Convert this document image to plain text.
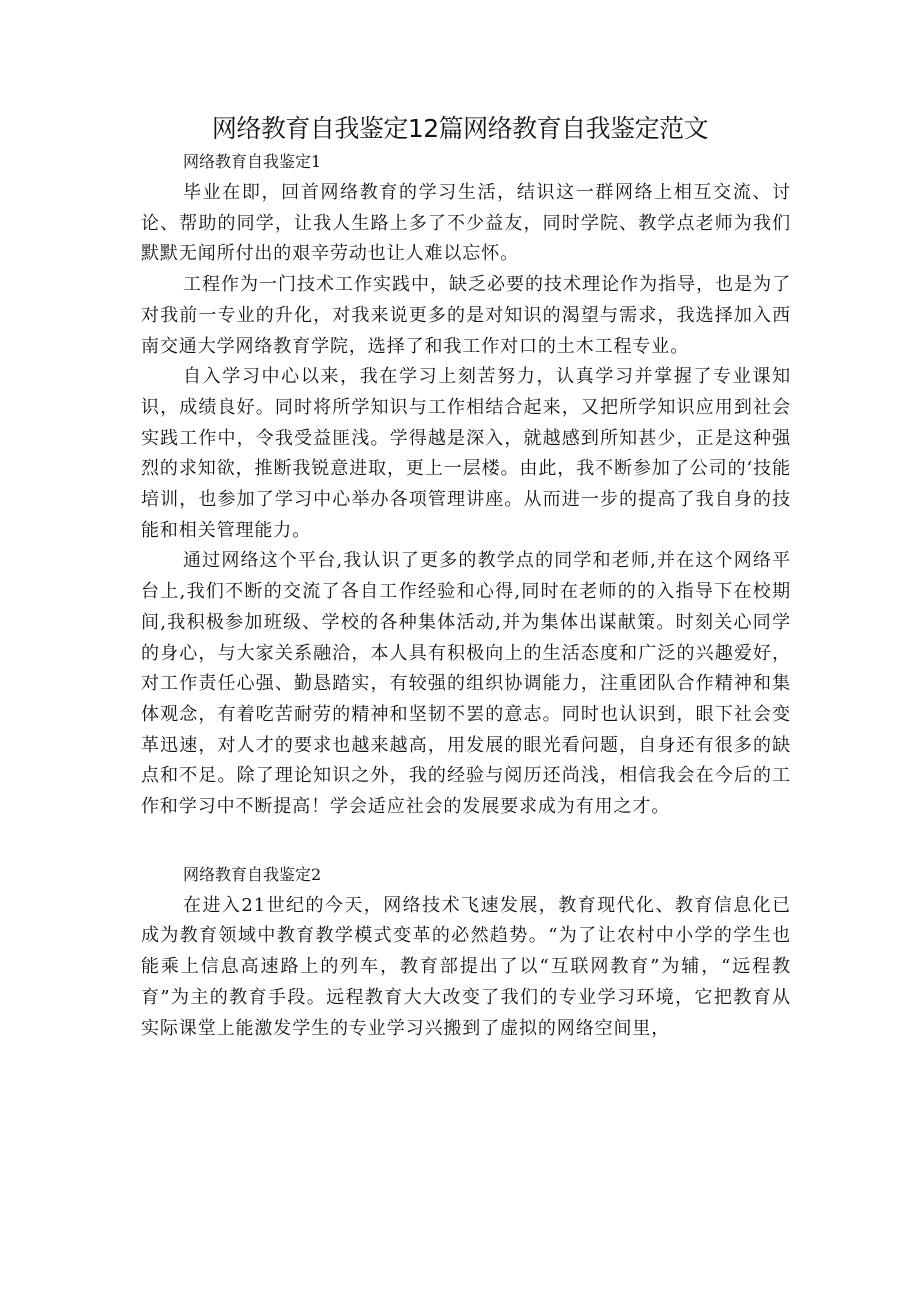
网络教育自我鉴定12篇网络教育自我鉴定范文
网络教育自我鉴定1

毕业在即，回首网络教育的学习生活，结识这一群网络上相互交流、讨论、帮助的同学，让我人生路上多了不少益友，同时学院、教学点老师为我们默默无闻所付出的艰辛劳动也让人难以忘怀。

工程作为一门技术工作实践中，缺乏必要的技术理论作为指导，也是为了对我前一专业的升化，对我来说更多的是对知识的渴望与需求，我选择加入西南交通大学网络教育学院，选择了和我工作对口的土木工程专业。

自入学习中心以来，我在学习上刻苦努力，认真学习并掌握了专业课知识，成绩良好。同时将所学知识与工作相结合起来，又把所学知识应用到社会实践工作中，令我受益匪浅。学得越是深入，就越感到所知甚少，正是这种强烈的求知欲，推断我锐意进取，更上一层楼。由此，我不断参加了公司的‘技能培训，也参加了学习中心举办各项管理讲座。从而进一步的提高了我自身的技能和相关管理能力。

通过网络这个平台,我认识了更多的教学点的同学和老师,并在这个网络平台上,我们不断的交流了各自工作经验和心得,同时在老师的的入指导下在校期间,我积极参加班级、学校的各种集体活动,并为集体出谋献策。时刻关心同学的身心，与大家关系融洽，本人具有积极向上的生活态度和广泛的兴趣爱好，对工作责任心强、勤恳踏实，有较强的组织协调能力，注重团队合作精神和集体观念，有着吃苦耐劳的精神和坚韧不罢的意志。同时也认识到，眼下社会变革迅速，对人才的要求也越来越高，用发展的眼光看问题，自身还有很多的缺点和不足。除了理论知识之外，我的经验与阅历还尚浅，相信我会在今后的工作和学习中不断提高！学会适应社会的发展要求成为有用之才。

网络教育自我鉴定2

在进入21世纪的今天，网络技术飞速发展，教育现代化、教育信息化已成为教育领域中教育教学模式变革的必然趋势。“为了让农村中小学的学生也能乘上信息高速路上的列车，教育部提出了以“互联网教育”为辅，“远程教育”为主的教育手段。远程教育大大改变了我们的专业学习环境，它把教育从实际课堂上能激发学生的专业学习兴搬到了虚拟的网络空间里，
